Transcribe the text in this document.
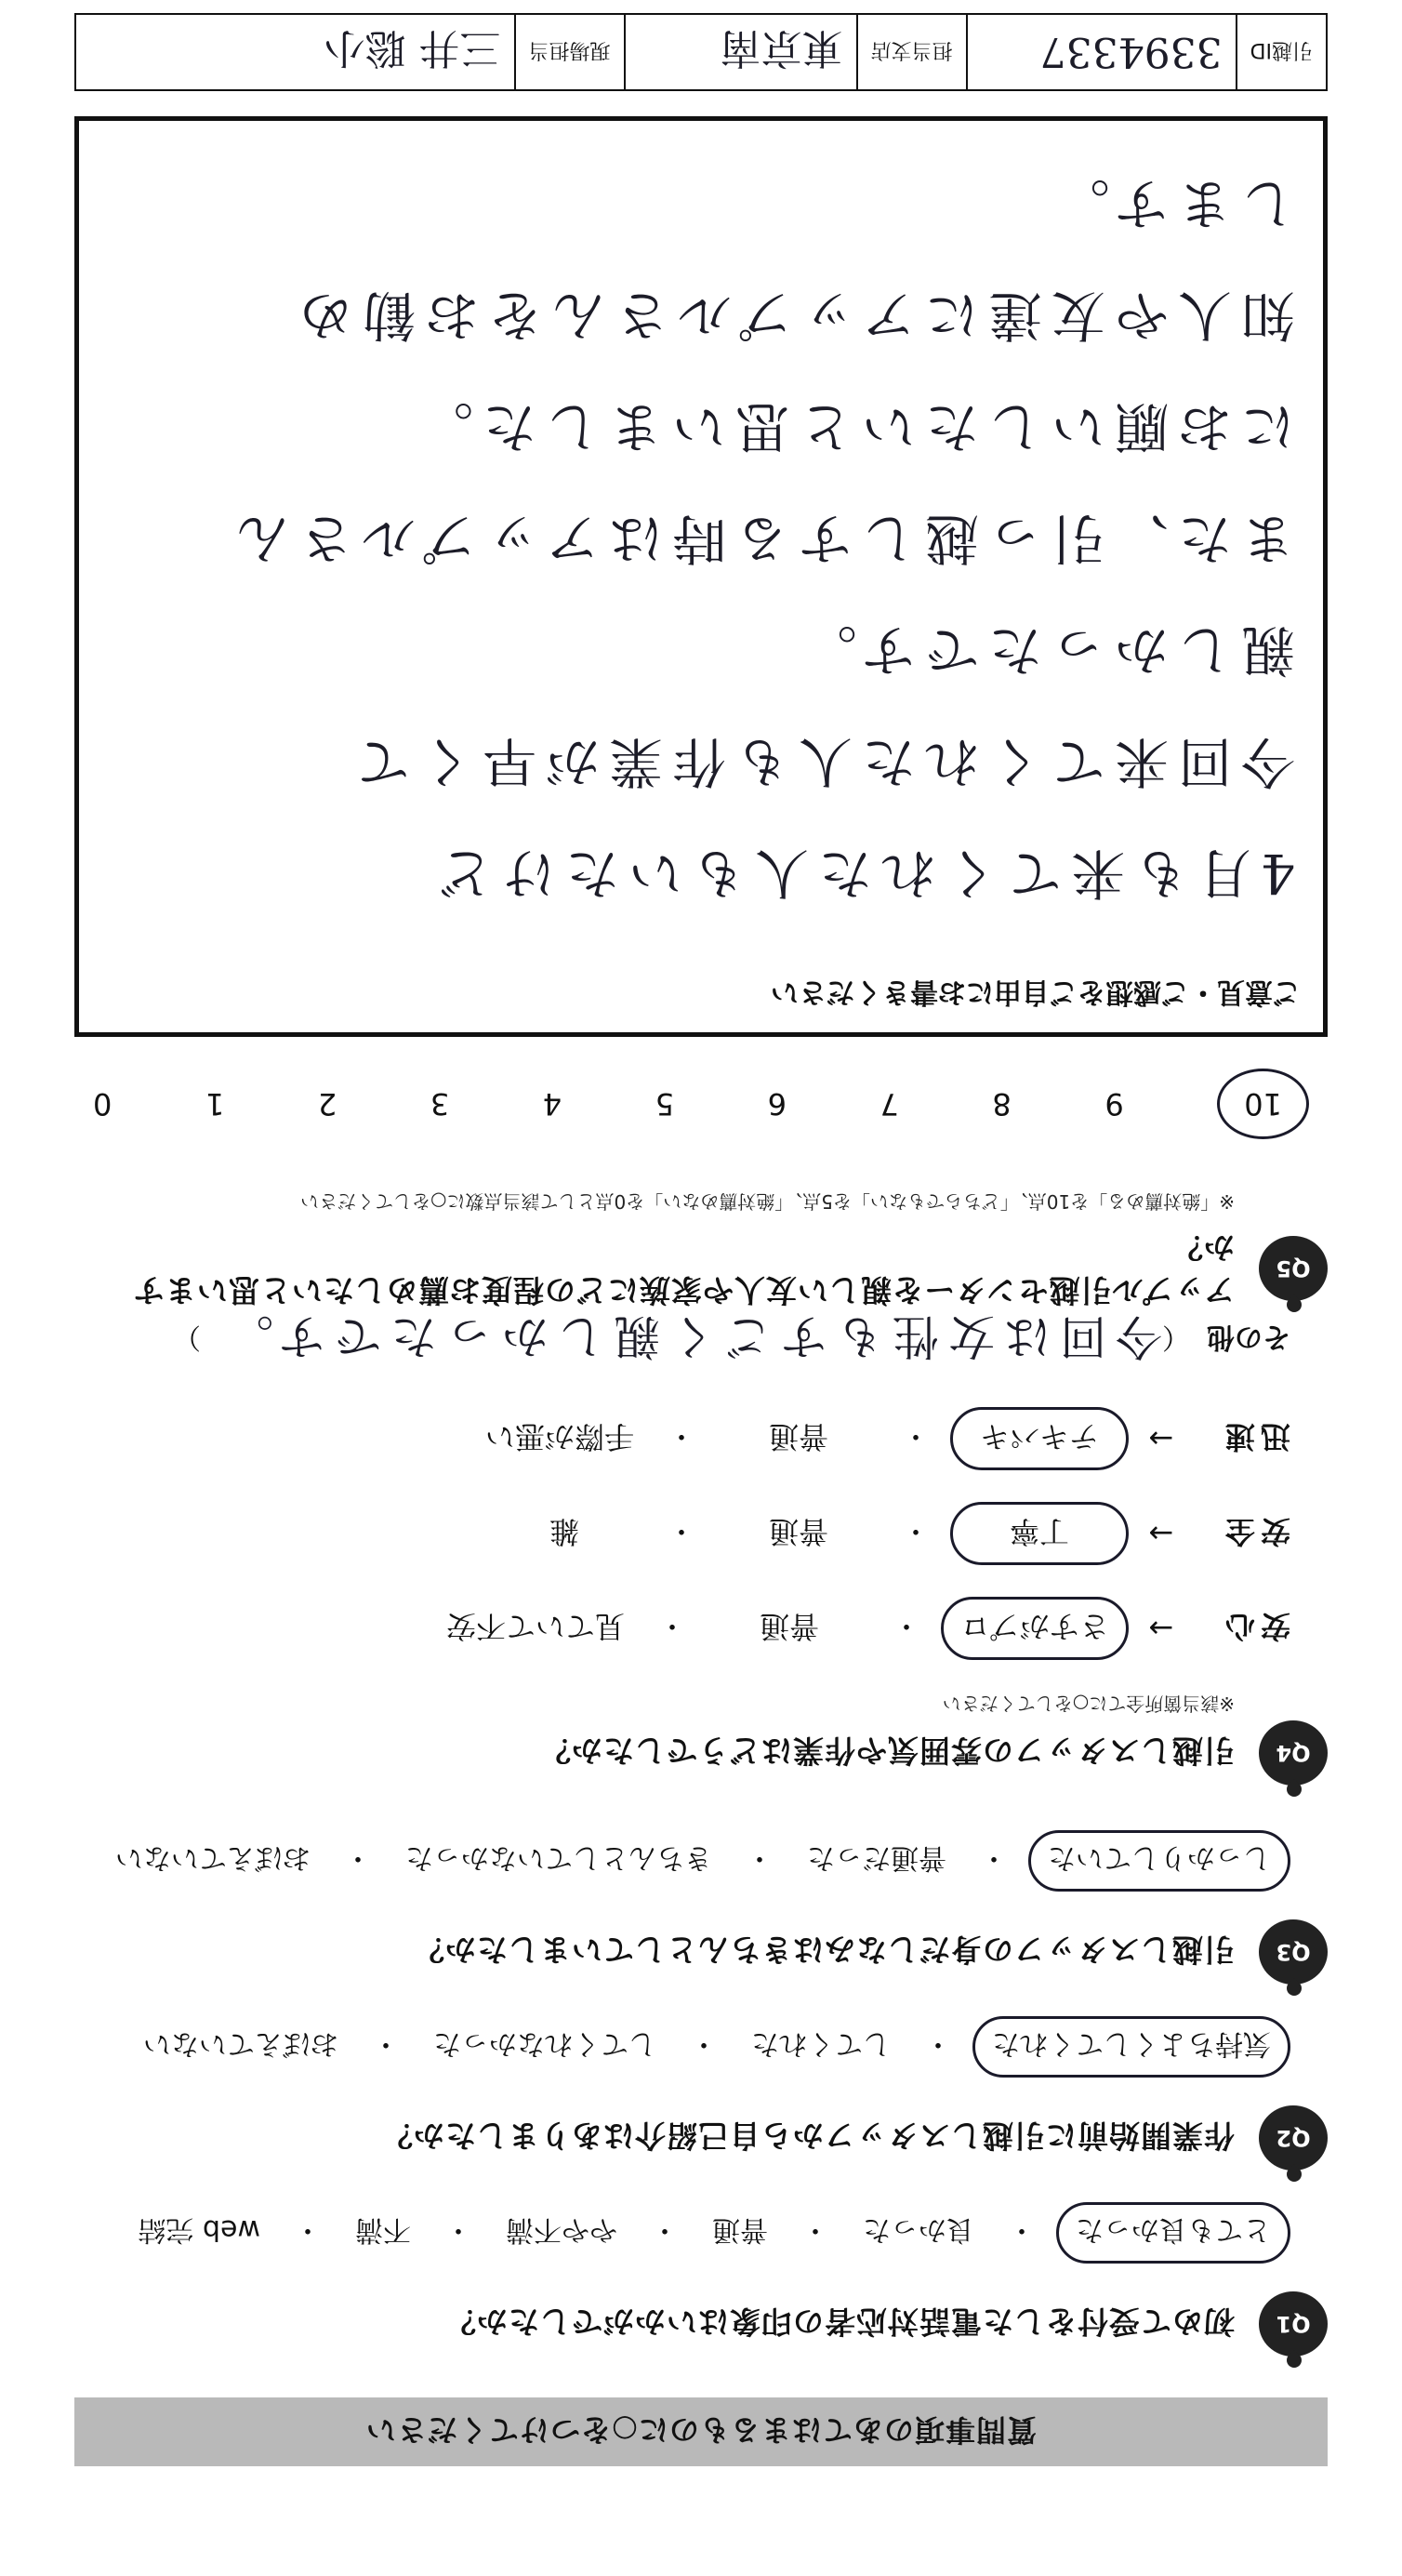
質問事項のあてはまるものに○をつけてください
Q1
初めて受付をした電話対応者の印象はいかがでしたか？
とても良かった
・
良かった
・
普通
・
やや不満
・
不満
・
web 完結
Q2
作業開始前に引越しスタッフから自己紹介はありましたか？
気持ちよくしてくれた
・
してくれた
・
してくれなかった
・
おぼえていない
Q3
引越しスタッフの身だしなみはきちんとしていましたか？
しっかりしていた
・
普通だった
・
きちんとしていなかった
・
おぼえていない
Q4
引越しスタッフの雰囲気や作業はどうでしたか？
※該当箇所全てに○をしてください
安心
→
さすがプロ
・
普通
・
見ていて不安
安全
→
丁寧
・
普通
・
雑
迅速
→
テキパキ
・
普通
・
手際が悪い
その他
（
今回は女性もすごく親しかったです。
）
Q5
アップル引越センターを親しい友人や家族にどの程度お薦めしたいと思いますか？
※「絶対薦める」を10点、「どちらでもない」を5点、「絶対薦めない」を0点として該当点数に○をしてください
10
9
8
7
6
5
4
3
2
1
0
ご意見・ご感想をご自由にお書きください
4月も来てくれた人もいたけど
今回来てくれた人も作業が早くて
親しかったです。
また、引っ越しする時はアップルさん
にお願いしたいと思いました。
知人や友達にアップルさんをお勧め
します。
引越ID
3394337
担当支店
東京南
現場担当
三井 聡小
